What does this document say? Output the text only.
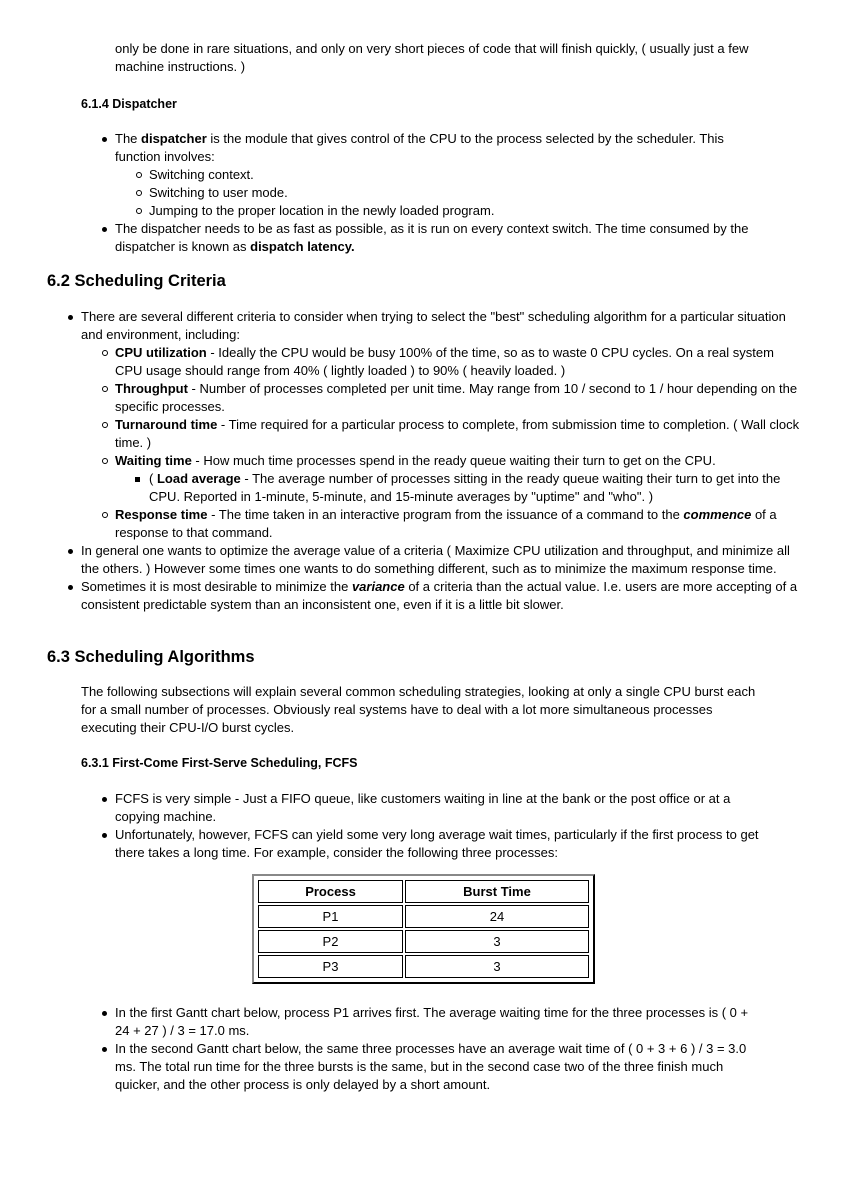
only be done in rare situations, and only on very short pieces of code that will finish quickly, ( usually just a few machine instructions. )

6.1.4 Dispatcher
The dispatcher is the module that gives control of the CPU to the process selected by the scheduler. This function involves:
Switching context.
Switching to user mode.
Jumping to the proper location in the newly loaded program.
The dispatcher needs to be as fast as possible, as it is run on every context switch. The time consumed by the dispatcher is known as dispatch latency.
6.2 Scheduling Criteria
There are several different criteria to consider when trying to select the "best" scheduling algorithm for a particular situation and environment, including:
CPU utilization - Ideally the CPU would be busy 100% of the time, so as to waste 0 CPU cycles. On a real system CPU usage should range from 40% ( lightly loaded ) to 90% ( heavily loaded. )
Throughput - Number of processes completed per unit time. May range from 10 / second to 1 / hour depending on the specific processes.
Turnaround time - Time required for a particular process to complete, from submission time to completion. ( Wall clock time. )
Waiting time - How much time processes spend in the ready queue waiting their turn to get on the CPU.
( Load average - The average number of processes sitting in the ready queue waiting their turn to get into the CPU. Reported in 1-minute, 5-minute, and 15-minute averages by "uptime" and "who". )
Response time - The time taken in an interactive program from the issuance of a command to the commence of a response to that command.
In general one wants to optimize the average value of a criteria ( Maximize CPU utilization and throughput, and minimize all the others. ) However some times one wants to do something different, such as to minimize the maximum response time.
Sometimes it is most desirable to minimize the variance of a criteria than the actual value. I.e. users are more accepting of a consistent predictable system than an inconsistent one, even if it is a little bit slower.
6.3 Scheduling Algorithms

The following subsections will explain several common scheduling strategies, looking at only a single CPU burst each for a small number of processes. Obviously real systems have to deal with a lot more simultaneous processes executing their CPU-I/O burst cycles.

6.3.1 First-Come First-Serve Scheduling, FCFS
FCFS is very simple - Just a FIFO queue, like customers waiting in line at the bank or the post office or at a copying machine.
Unfortunately, however, FCFS can yield some very long average wait times, particularly if the first process to get there takes a long time. For example, consider the following three processes:
Process	Burst Time
P1	24
P2	3
P3	3
In the first Gantt chart below, process P1 arrives first. The average waiting time for the three processes is ( 0 + 24 + 27 ) / 3 = 17.0 ms.
In the second Gantt chart below, the same three processes have an average wait time of ( 0 + 3 + 6 ) / 3 = 3.0 ms. The total run time for the three bursts is the same, but in the second case two of the three finish much quicker, and the other process is only delayed by a short amount.
